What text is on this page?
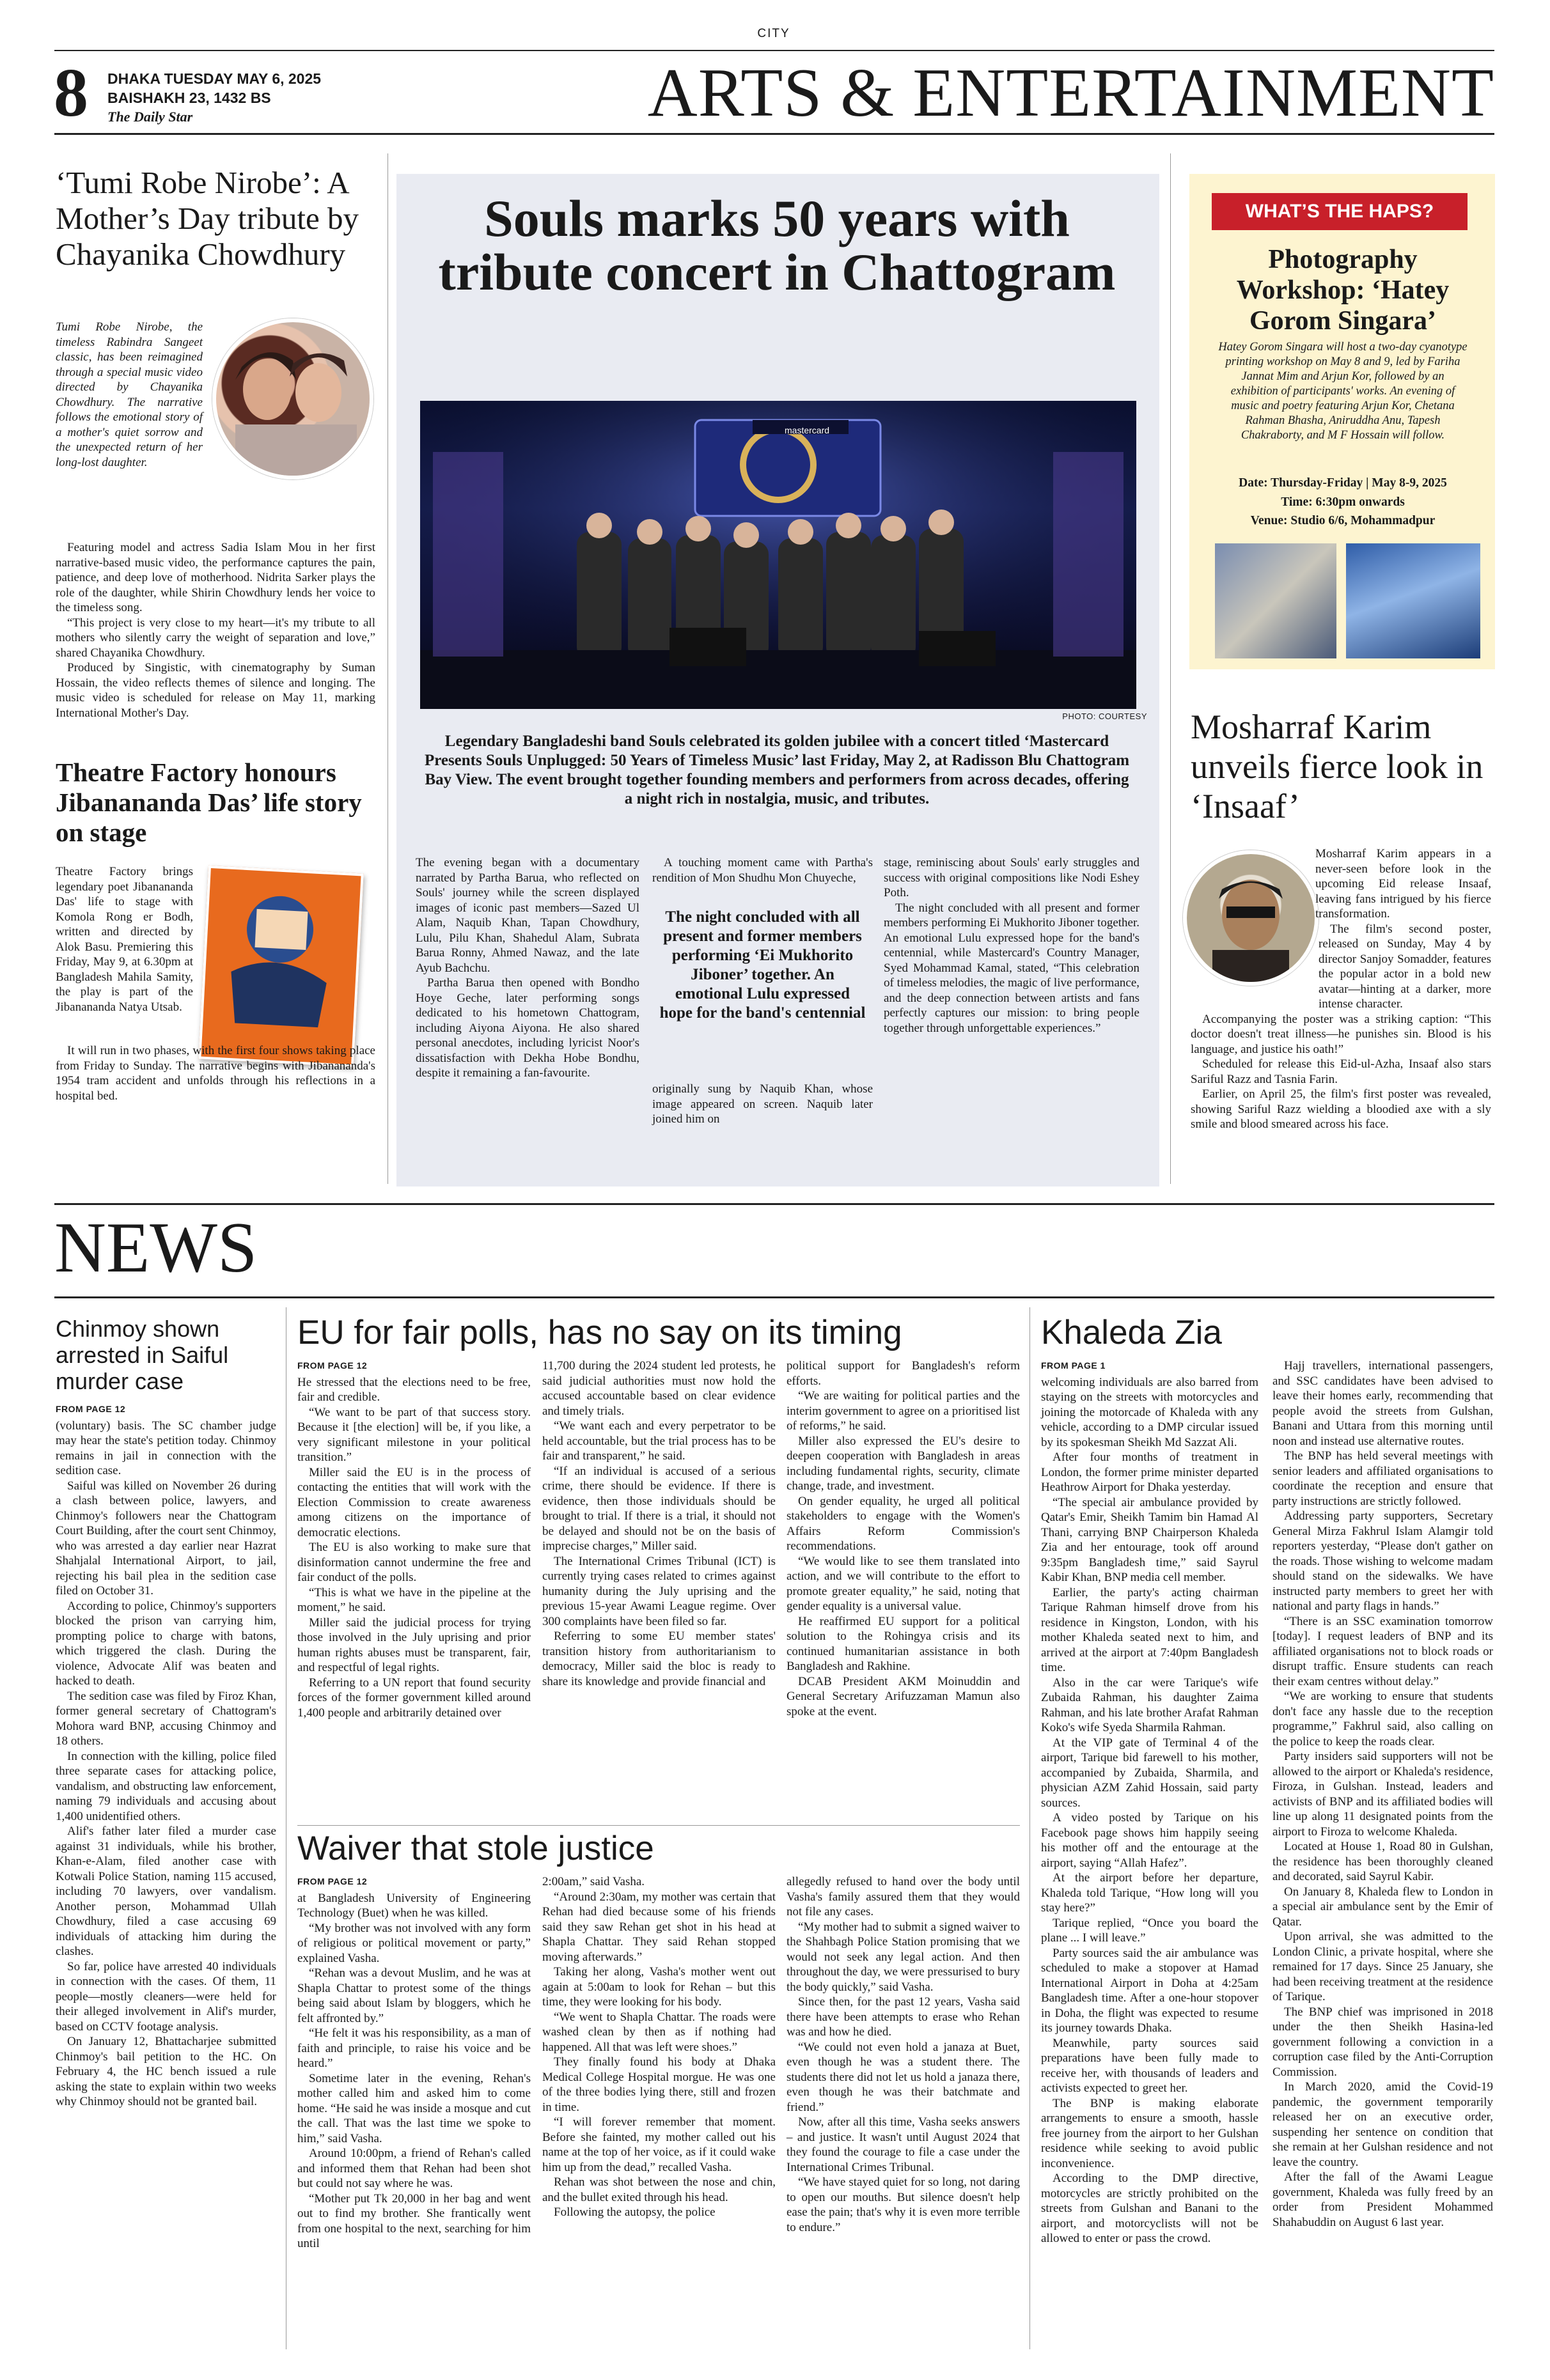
CITY
8 DHAKA TUESDAY MAY 6, 2025
BAISHAKH 23, 1432 BS
The Daily Star	ARTS & ENTERTAINMENT
‘Tumi Robe Nirobe’: A Mother’s Day tribute by Chayanika Chowdhury

Tumi Robe Nirobe, the timeless Rabindra Sangeet classic, has been reimagined through a special music video directed by Chayanika Chowdhury. The narrative follows the emotional story of a mother's quiet sorrow and the unexpected return of her long-lost daughter.

Featuring model and actress Sadia Islam Mou in her first narrative-based music video, the performance captures the pain, patience, and deep love of motherhood. Nidrita Sarker plays the role of the daughter, while Shirin Chowdhury lends her voice to the timeless song.

“This project is very close to my heart—it's my tribute to all mothers who silently carry the weight of separation and love,” shared Chayanika Chowdhury.

Produced by Singistic, with cinematography by Suman Hossain, the video reflects themes of silence and longing. The music video is scheduled for release on May 11, marking International Mother's Day.

Theatre Factory honours Jibanananda Das’ life story on stage

Theatre Factory brings legendary poet Jibanananda Das' life to stage with Komola Rong er Bodh, written and directed by Alok Basu. Premiering this Friday, May 9, at 6.30pm at Bangladesh Mahila Samity, the play is part of the Jibanananda Natya Utsab.

It will run in two phases, with the first four shows taking place from Friday to Sunday. The narrative begins with Jibanananda's 1954 tram accident and unfolds through his reflections in a hospital bed.

Souls marks 50 years with tribute concert in Chattogram
mastercard
PHOTO: COURTESY
Legendary Bangladeshi band Souls celebrated its golden jubilee with a concert titled ‘Mastercard Presents Souls Unplugged: 50 Years of Timeless Music’ last Friday, May 2, at Radisson Blu Chattogram Bay View. The event brought together founding members and performers from across decades, offering a night rich in nostalgia, music, and tributes.

The evening began with a documentary narrated by Partha Barua, who reflected on Souls' journey while the screen displayed images of iconic past members—Sazed Ul Alam, Naquib Khan, Tapan Chowdhury, Lulu, Pilu Khan, Shahedul Alam, Subrata Barua Ronny, Ahmed Nawaz, and the late Ayub Bachchu.

Partha Barua then opened with Bondho Hoye Gechе, later performing songs dedicated to his hometown Chattogram, including Aiyona Aiyona. He also shared personal anecdotes, including lyricist Noor's dissatisfaction with Dekha Hobe Bondhu, despite it remaining a fan-favourite.

A touching moment came with Partha's rendition of Mon Shudhu Mon Chuyeche,

The night concluded with all present and former members performing ‘Ei Mukhorito Jiboner’ together. An emotional Lulu expressed hope for the band's centennial

originally sung by Naquib Khan, whose image appeared on screen. Naquib later joined him on

stage, reminiscing about Souls' early struggles and success with original compositions like Nodi Eshey Poth.

The night concluded with all present and former members performing Ei Mukhorito Jiboner together. An emotional Lulu expressed hope for the band's centennial, while Mastercard's Country Manager, Syed Mohammad Kamal, stated, “This celebration of timeless melodies, the magic of live performance, and the deep connection between artists and fans perfectly captures our mission: to bring people together through unforgettable experiences.”

WHAT’S THE HAPS?
Photography Workshop: ‘Hatey Gorom Singara’
Hatey Gorom Singara will host a two-day cyanotype printing workshop on May 8 and 9, led by Fariha Jannat Mim and Arjun Kor, followed by an exhibition of participants' works. An evening of music and poetry featuring Arjun Kor, Chetana Rahman Bhasha, Aniruddha Anu, Tapesh Chakraborty, and M F Hossain will follow.
Date: Thursday-Friday | May 8-9, 2025
Time: 6:30pm onwards
Venue: Studio 6/6, Mohammadpur
Mosharraf Karim unveils fierce look in ‘Insaaf’

Mosharraf Karim appears in a never-seen before look in the upcoming Eid release Insaaf, leaving fans intrigued by his fierce transformation.

The film's second poster, released on Sunday, May 4 by director Sanjoy Somadder, features the popular actor in a bold new avatar—hinting at a darker, more intense character.

Accompanying the poster was a striking caption: “This doctor doesn't treat illness—he punishes sin. Blood is his language, and justice his oath!”

Scheduled for release this Eid-ul-Azha, Insaaf also stars Sariful Razz and Tasnia Farin.

Earlier, on April 25, the film's first poster was revealed, showing Sariful Razz wielding a bloodied axe with a sly smile and blood smeared across his face.

NEWS
Chinmoy shown arrested in Saiful murder case
FROM PAGE 12

(voluntary) basis. The SC chamber judge may hear the state's petition today. Chinmoy remains in jail in connection with the sedition case.

Saiful was killed on November 26 during a clash between police, lawyers, and Chinmoy's followers near the Chattogram Court Building, after the court sent Chinmoy, who was arrested a day earlier near Hazrat Shahjalal International Airport, to jail, rejecting his bail plea in the sedition case filed on October 31.

According to police, Chinmoy's supporters blocked the prison van carrying him, prompting police to charge with batons, which triggered the clash. During the violence, Advocate Alif was beaten and hacked to death.

The sedition case was filed by Firoz Khan, former general secretary of Chattogram's Mohora ward BNP, accusing Chinmoy and 18 others.

In connection with the killing, police filed three separate cases for attacking police, vandalism, and obstructing law enforcement, naming 79 individuals and accusing about 1,400 unidentified others.

Alif's father later filed a murder case against 31 individuals, while his brother, Khan-e-Alam, filed another case with Kotwali Police Station, naming 115 accused, including 70 lawyers, over vandalism. Another person, Mohammad Ullah Chowdhury, filed a case accusing 69 individuals of attacking him during the clashes.

So far, police have arrested 40 individuals in connection with the cases. Of them, 11 people—mostly cleaners—were held for their alleged involvement in Alif's murder, based on CCTV footage analysis.

On January 12, Bhattacharjee submitted Chinmoy's bail petition to the HC. On February 4, the HC bench issued a rule asking the state to explain within two weeks why Chinmoy should not be granted bail.

EU for fair polls, has no say on its timing
FROM PAGE 12

He stressed that the elections need to be free, fair and credible.

“We want to be part of that success story. Because it [the election] will be, if you like, a very significant milestone in your political transition.”

Miller said the EU is in the process of contacting the entities that will work with the Election Commission to create awareness among citizens on the importance of democratic elections.

The EU is also working to make sure that disinformation cannot undermine the free and fair conduct of the polls.

“This is what we have in the pipeline at the moment,” he said.

Miller said the judicial process for trying those involved in the July uprising and prior human rights abuses must be transparent, fair, and respectful of legal rights.

Referring to a UN report that found security forces of the former government killed around 1,400 people and arbitrarily detained over

11,700 during the 2024 student led protests, he said judicial authorities must now hold the accused accountable based on clear evidence and timely trials.

“We want each and every perpetrator to be held accountable, but the trial process has to be fair and transparent,” he said.

“If an individual is accused of a serious crime, there should be evidence. If there is evidence, then those individuals should be brought to trial. If there is a trial, it should not be delayed and should not be on the basis of imprecise charges,” Miller said.

The International Crimes Tribunal (ICT) is currently trying cases related to crimes against humanity during the July uprising and the previous 15-year Awami League regime. Over 300 complaints have been filed so far.

Referring to some EU member states' transition history from authoritarianism to democracy, Miller said the bloc is ready to share its knowledge and provide financial and

political support for Bangladesh's reform efforts.

“We are waiting for political parties and the interim government to agree on a prioritised list of reforms,” he said.

Miller also expressed the EU's desire to deepen cooperation with Bangladesh in areas including fundamental rights, security, climate change, trade, and investment.

On gender equality, he urged all political stakeholders to engage with the Women's Affairs Reform Commission's recommendations.

“We would like to see them translated into action, and we will contribute to the effort to promote greater equality,” he said, noting that gender equality is a universal value.

He reaffirmed EU support for a political solution to the Rohingya crisis and its continued humanitarian assistance in both Bangladesh and Rakhine.

DCAB President AKM Moinuddin and General Secretary Arifuzzaman Mamun also spoke at the event.

Waiver that stole justice
FROM PAGE 12

at Bangladesh University of Engineering Technology (Buet) when he was killed.

“My brother was not involved with any form of religious or political movement or party,” explained Vasha.

“Rehan was a devout Muslim, and he was at Shapla Chattar to protest some of the things being said about Islam by bloggers, which he felt affronted by.”

“He felt it was his responsibility, as a man of faith and principle, to raise his voice and be heard.”

Sometime later in the evening, Rehan's mother called him and asked him to come home. “He said he was inside a mosque and cut the call. That was the last time we spoke to him,” said Vasha.

Around 10:00pm, a friend of Rehan's called and informed them that Rehan had been shot but could not say where he was.

“Mother put Tk 20,000 in her bag and went out to find my brother. She frantically went from one hospital to the next, searching for him until

2:00am,” said Vasha.

“Around 2:30am, my mother was certain that Rehan had died because some of his friends said they saw Rehan get shot in his head at Shapla Chattar. They said Rehan stopped moving afterwards.”

Taking her along, Vasha's mother went out again at 5:00am to look for Rehan – but this time, they were looking for his body.

“We went to Shapla Chattar. The roads were washed clean by then as if nothing had happened. All that was left were shoes.”

They finally found his body at Dhaka Medical College Hospital morgue. He was one of the three bodies lying there, still and frozen in time.

“I will forever remember that moment. Before she fainted, my mother called out his name at the top of her voice, as if it could wake him up from the dead,” recalled Vasha.

Rehan was shot between the nose and chin, and the bullet exited through his head.

Following the autopsy, the police

allegedly refused to hand over the body until Vasha's family assured them that they would not file any cases.

“My mother had to submit a signed waiver to the Shahbagh Police Station promising that we would not seek any legal action. And then throughout the day, we were pressurised to bury the body quickly,” said Vasha.

Since then, for the past 12 years, Vasha said there have been attempts to erase who Rehan was and how he died.

“We could not even hold a janaza at Buet, even though he was a student there. The students there did not let us hold a janaza there, even though he was their batchmate and friend.”

Now, after all this time, Vasha seeks answers – and justice. It wasn't until August 2024 that they found the courage to file a case under the International Crimes Tribunal.

“We have stayed quiet for so long, not daring to open our mouths. But silence doesn't help ease the pain; that's why it is even more terrible to endure.”

Khaleda Zia
FROM PAGE 1

welcoming individuals are also barred from staying on the streets with motorcycles and joining the motorcade of Khaleda with any vehicle, according to a DMP circular issued by its spokesman Sheikh Md Sazzat Ali.

After four months of treatment in London, the former prime minister departed Heathrow Airport for Dhaka yesterday.

“The special air ambulance provided by Qatar's Emir, Sheikh Tamim bin Hamad Al Thani, carrying BNP Chairperson Khaleda Zia and her entourage, took off around 9:35pm Bangladesh time,” said Sayrul Kabir Khan, BNP media cell member.

Earlier, the party's acting chairman Tarique Rahman himself drove from his residence in Kingston, London, with his mother Khaleda seated next to him, and arrived at the airport at 7:40pm Bangladesh time.

Also in the car were Tarique's wife Zubaida Rahman, his daughter Zaima Rahman, and his late brother Arafat Rahman Koko's wife Syeda Sharmila Rahman.

At the VIP gate of Terminal 4 of the airport, Tarique bid farewell to his mother, accompanied by Zubaida, Sharmila, and physician AZM Zahid Hossain, said party sources.

A video posted by Tarique on his Facebook page shows him happily seeing his mother off and the entourage at the airport, saying “Allah Hafez”.

At the airport before her departure, Khaleda told Tarique, “How long will you stay here?”

Tarique replied, “Once you board the plane ... I will leave.”

Party sources said the air ambulance was scheduled to make a stopover at Hamad International Airport in Doha at 4:25am Bangladesh time. After a one-hour stopover in Doha, the flight was expected to resume its journey towards Dhaka.

Meanwhile, party sources said preparations have been fully made to receive her, with thousands of leaders and activists expected to greet her.

The BNP is making elaborate arrangements to ensure a smooth, hassle free journey from the airport to her Gulshan residence while seeking to avoid public inconvenience.

According to the DMP directive, motorcycles are strictly prohibited on the streets from Gulshan and Banani to the airport, and motorcyclists will not be allowed to enter or pass the crowd.

Hajj travellers, international passengers, and SSC candidates have been advised to leave their homes early, recommending that people avoid the streets from Gulshan, Banani and Uttara from this morning until noon and instead use alternative routes.

The BNP has held several meetings with senior leaders and affiliated organisations to coordinate the reception and ensure that party instructions are strictly followed.

Addressing party supporters, Secretary General Mirza Fakhrul Islam Alamgir told reporters yesterday, “Please don't gather on the roads. Those wishing to welcome madam should stand on the sidewalks. We have instructed party members to greet her with national and party flags in hands.”

“There is an SSC examination tomorrow [today]. I request leaders of BNP and its affiliated organisations not to block roads or disrupt traffic. Ensure students can reach their exam centres without delay.”

“We are working to ensure that students don't face any hassle due to the reception programme,” Fakhrul said, also calling on the police to keep the roads clear.

Party insiders said supporters will not be allowed to the airport or Khaleda's residence, Firoza, in Gulshan. Instead, leaders and activists of BNP and its affiliated bodies will line up along 11 designated points from the airport to Firoza to welcome Khaleda.

Located at House 1, Road 80 in Gulshan, the residence has been thoroughly cleaned and decorated, said Sayrul Kabir.

On January 8, Khaleda flew to London in a special air ambulance sent by the Emir of Qatar.

Upon arrival, she was admitted to the London Clinic, a private hospital, where she remained for 17 days. Since 25 January, she had been receiving treatment at the residence of Tarique.

The BNP chief was imprisoned in 2018 under the then Sheikh Hasina-led government following a conviction in a corruption case filed by the Anti-Corruption Commission.

In March 2020, amid the Covid-19 pandemic, the government temporarily released her on an executive order, suspending her sentence on condition that she remain at her Gulshan residence and not leave the country.

After the fall of the Awami League government, Khaleda was fully freed by an order from President Mohammed Shahabuddin on August 6 last year.
